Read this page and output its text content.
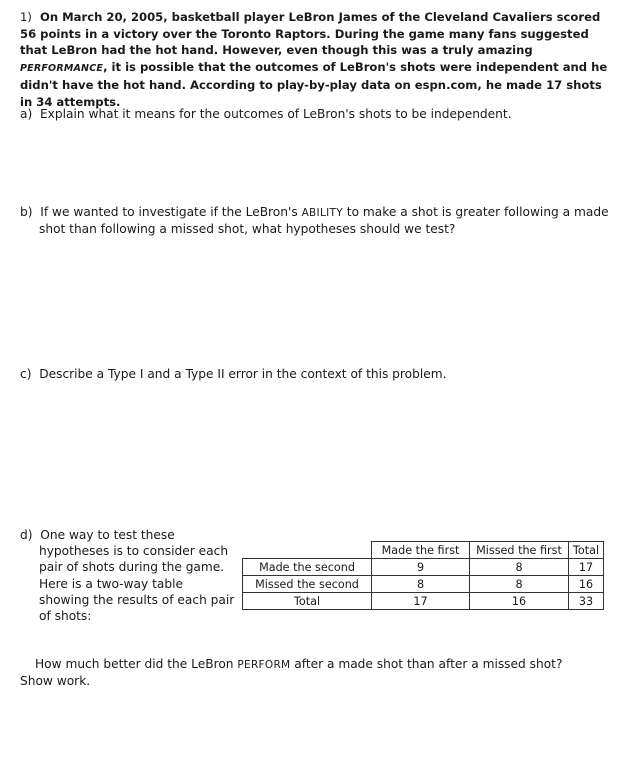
1) On March 20, 2005, basketball player LeBron James of the Cleveland Cavaliers scored 56 points in a victory over the Toronto Raptors. During the game many fans suggested that LeBron had the hot hand. However, even though this was a truly amazing PERFORMANCE, it is possible that the outcomes of LeBron's shots were independent and he didn't have the hot hand. According to play-by-play data on espn.com, he made 17 shots in 34 attempts.

a) Explain what it means for the outcomes of LeBron's shots to be independent.

b) If we wanted to investigate if the LeBron's ABILITY to make a shot is greater following a made shot than following a missed shot, what hypotheses should we test?

c) Describe a Type I and a Type II error in the context of this problem.

d) One way to test these hypotheses is to consider each pair of shots during the game. Here is a two-way table showing the results of each pair of shots:

	Made the first	Missed the first	Total
Made the second	9	8	17
Missed the second	8	8	16
Total	17	16	33

How much better did the LeBron PERFORM after a made shot than after a missed shot?
Show work.
